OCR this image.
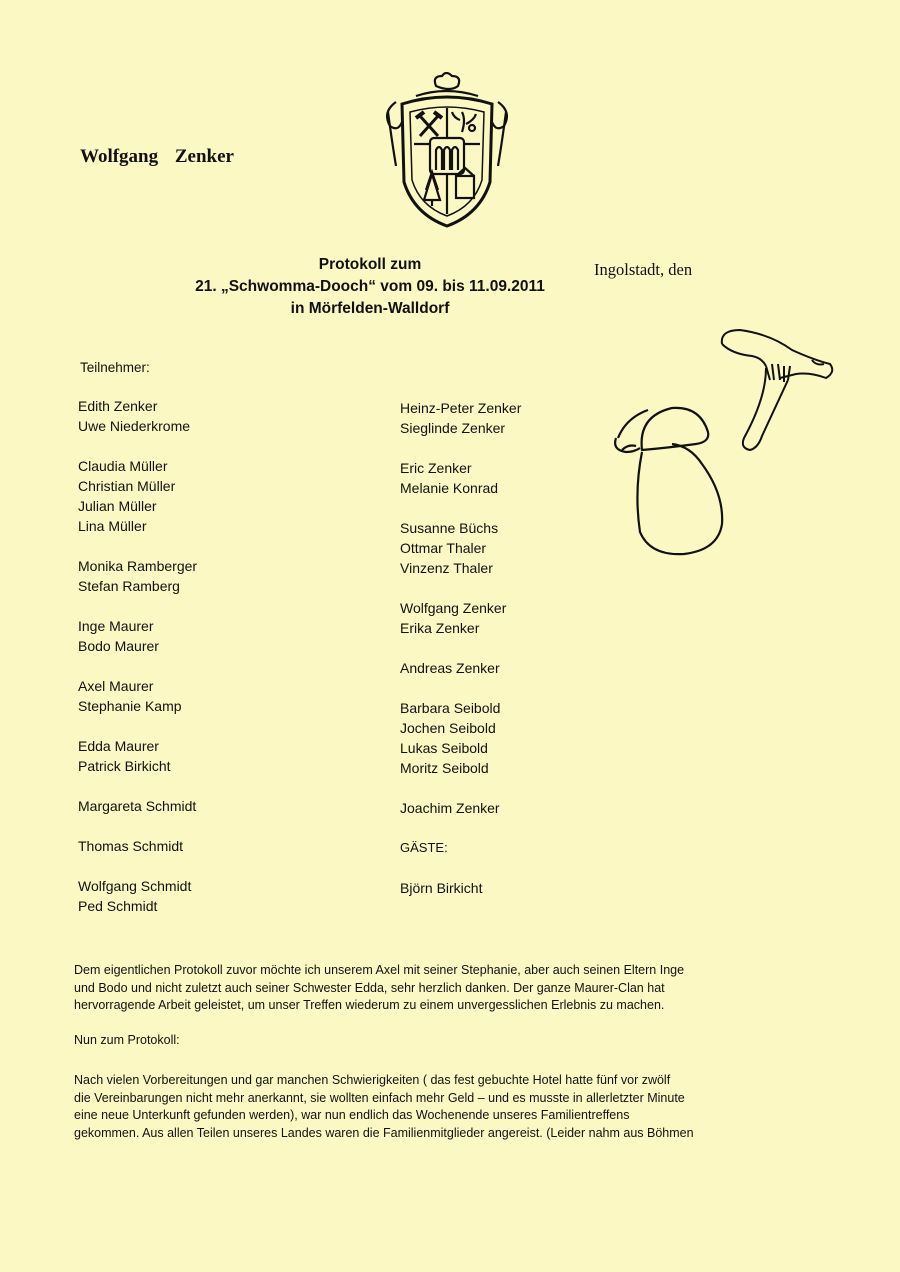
Wolfgang Zenker
Protokoll zum
21. „Schwomma-Dooch“ vom 09. bis 11.09.2011
in Mörfelden-Walldorf
Ingolstadt, den
Teilnehmer:
Edith Zenker
Uwe Niederkrome
Claudia Müller
Christian Müller
Julian Müller
Lina Müller
Monika Ramberger
Stefan Ramberg
Inge Maurer
Bodo Maurer
Axel Maurer
Stephanie Kamp
Edda Maurer
Patrick Birkicht
Margareta Schmidt
Thomas Schmidt
Wolfgang Schmidt
Ped Schmidt
Heinz-Peter Zenker
Sieglinde Zenker
Eric Zenker
Melanie Konrad
Susanne Büchs
Ottmar Thaler
Vinzenz Thaler
Wolfgang Zenker
Erika Zenker
Andreas Zenker
Barbara Seibold
Jochen Seibold
Lukas Seibold
Moritz Seibold
Joachim Zenker
GÄSTE:
Björn Birkicht
Dem eigentlichen Protokoll zuvor möchte ich unserem Axel mit seiner Stephanie, aber auch seinen Eltern Inge
und Bodo und nicht zuletzt auch seiner Schwester Edda, sehr herzlich danken. Der ganze Maurer-Clan hat
hervorragende Arbeit geleistet, um unser Treffen wiederum zu einem unvergesslichen Erlebnis zu machen.
Nun zum Protokoll:
Nach vielen Vorbereitungen und gar manchen Schwierigkeiten ( das fest gebuchte Hotel hatte fünf vor zwölf
die Vereinbarungen nicht mehr anerkannt, sie wollten einfach mehr Geld – und es musste in allerletzter Minute
eine neue Unterkunft gefunden werden), war nun endlich das Wochenende unseres Familientreffens
gekommen. Aus allen Teilen unseres Landes waren die Familienmitglieder angereist. (Leider nahm aus Böhmen
